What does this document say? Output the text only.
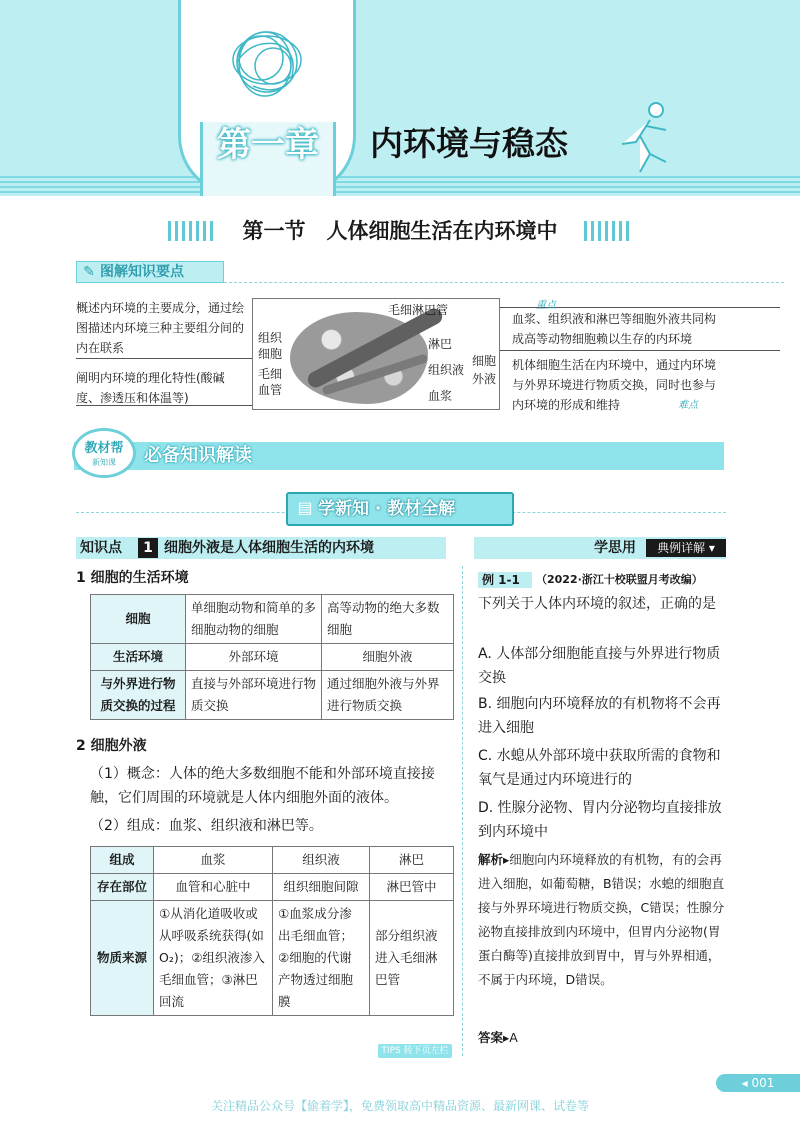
第一章	内环境与稳态
第一节　人体细胞生活在内环境中
✎ 图解知识要点
概述内环境的主要成分，通过绘图描述内环境三种主要组分间的内在联系
阐明内环境的理化特性(酸碱度、渗透压和体温等)
组织细胞
毛细血管
毛细淋巴管
淋巴
组织液
血浆
细胞外液
重点
血浆、组织液和淋巴等细胞外液共同构成高等动物细胞赖以生存的内环境
机体细胞生活在内环境中，通过内环境与外界环境进行物质交换，同时也参与内环境的形成和维持	难点
教材帮
新知课	必备知识解读
▤ 学新知 · 教材全解
知识点	1 细胞外液是人体细胞生活的内环境	学思用	典例详解 ▾
1 细胞的生活环境
细胞	单细胞动物和简单的多细胞动物的细胞	高等动物的绝大多数细胞
生活环境	外部环境	细胞外液
与外界进行物质交换的过程	直接与外部环境进行物质交换	通过细胞外液与外界进行物质交换
2 细胞外液
（1）概念：人体的绝大多数细胞不能和外部环境直接接触，它们周围的环境就是人体内细胞外面的液体。
（2）组成：血浆、组织液和淋巴等。
组成	血浆	组织液	淋巴
存在部位	血管和心脏中	组织细胞间隙	淋巴管中
物质来源	①从消化道吸收或从呼吸系统获得(如O₂)；②组织液渗入毛细血管；③淋巴回流	①血浆成分渗出毛细血管；②细胞的代谢产物透过细胞膜	部分组织液进入毛细淋巴管
TIPS 转下页左栏
例 1-1	（2022·浙江十校联盟月考改编）
下列关于人体内环境的叙述，正确的是
A. 人体部分细胞能直接与外界进行物质交换
B. 细胞向内环境释放的有机物将不会再进入细胞
C. 水螅从外部环境中获取所需的食物和氧气是通过内环境进行的
D. 性腺分泌物、胃内分泌物均直接排放到内环境中
解析▸细胞向内环境释放的有机物，有的会再进入细胞，如葡萄糖，B错误；水螅的细胞直接与外界环境进行物质交换，C错误；性腺分泌物直接排放到内环境中，但胃内分泌物(胃蛋白酶等)直接排放到胃中，胃与外界相通，不属于内环境，D错误。
答案▸A
◂ 001
关注精品公众号【偷着学】，免费领取高中精品资源、最新网课、试卷等
